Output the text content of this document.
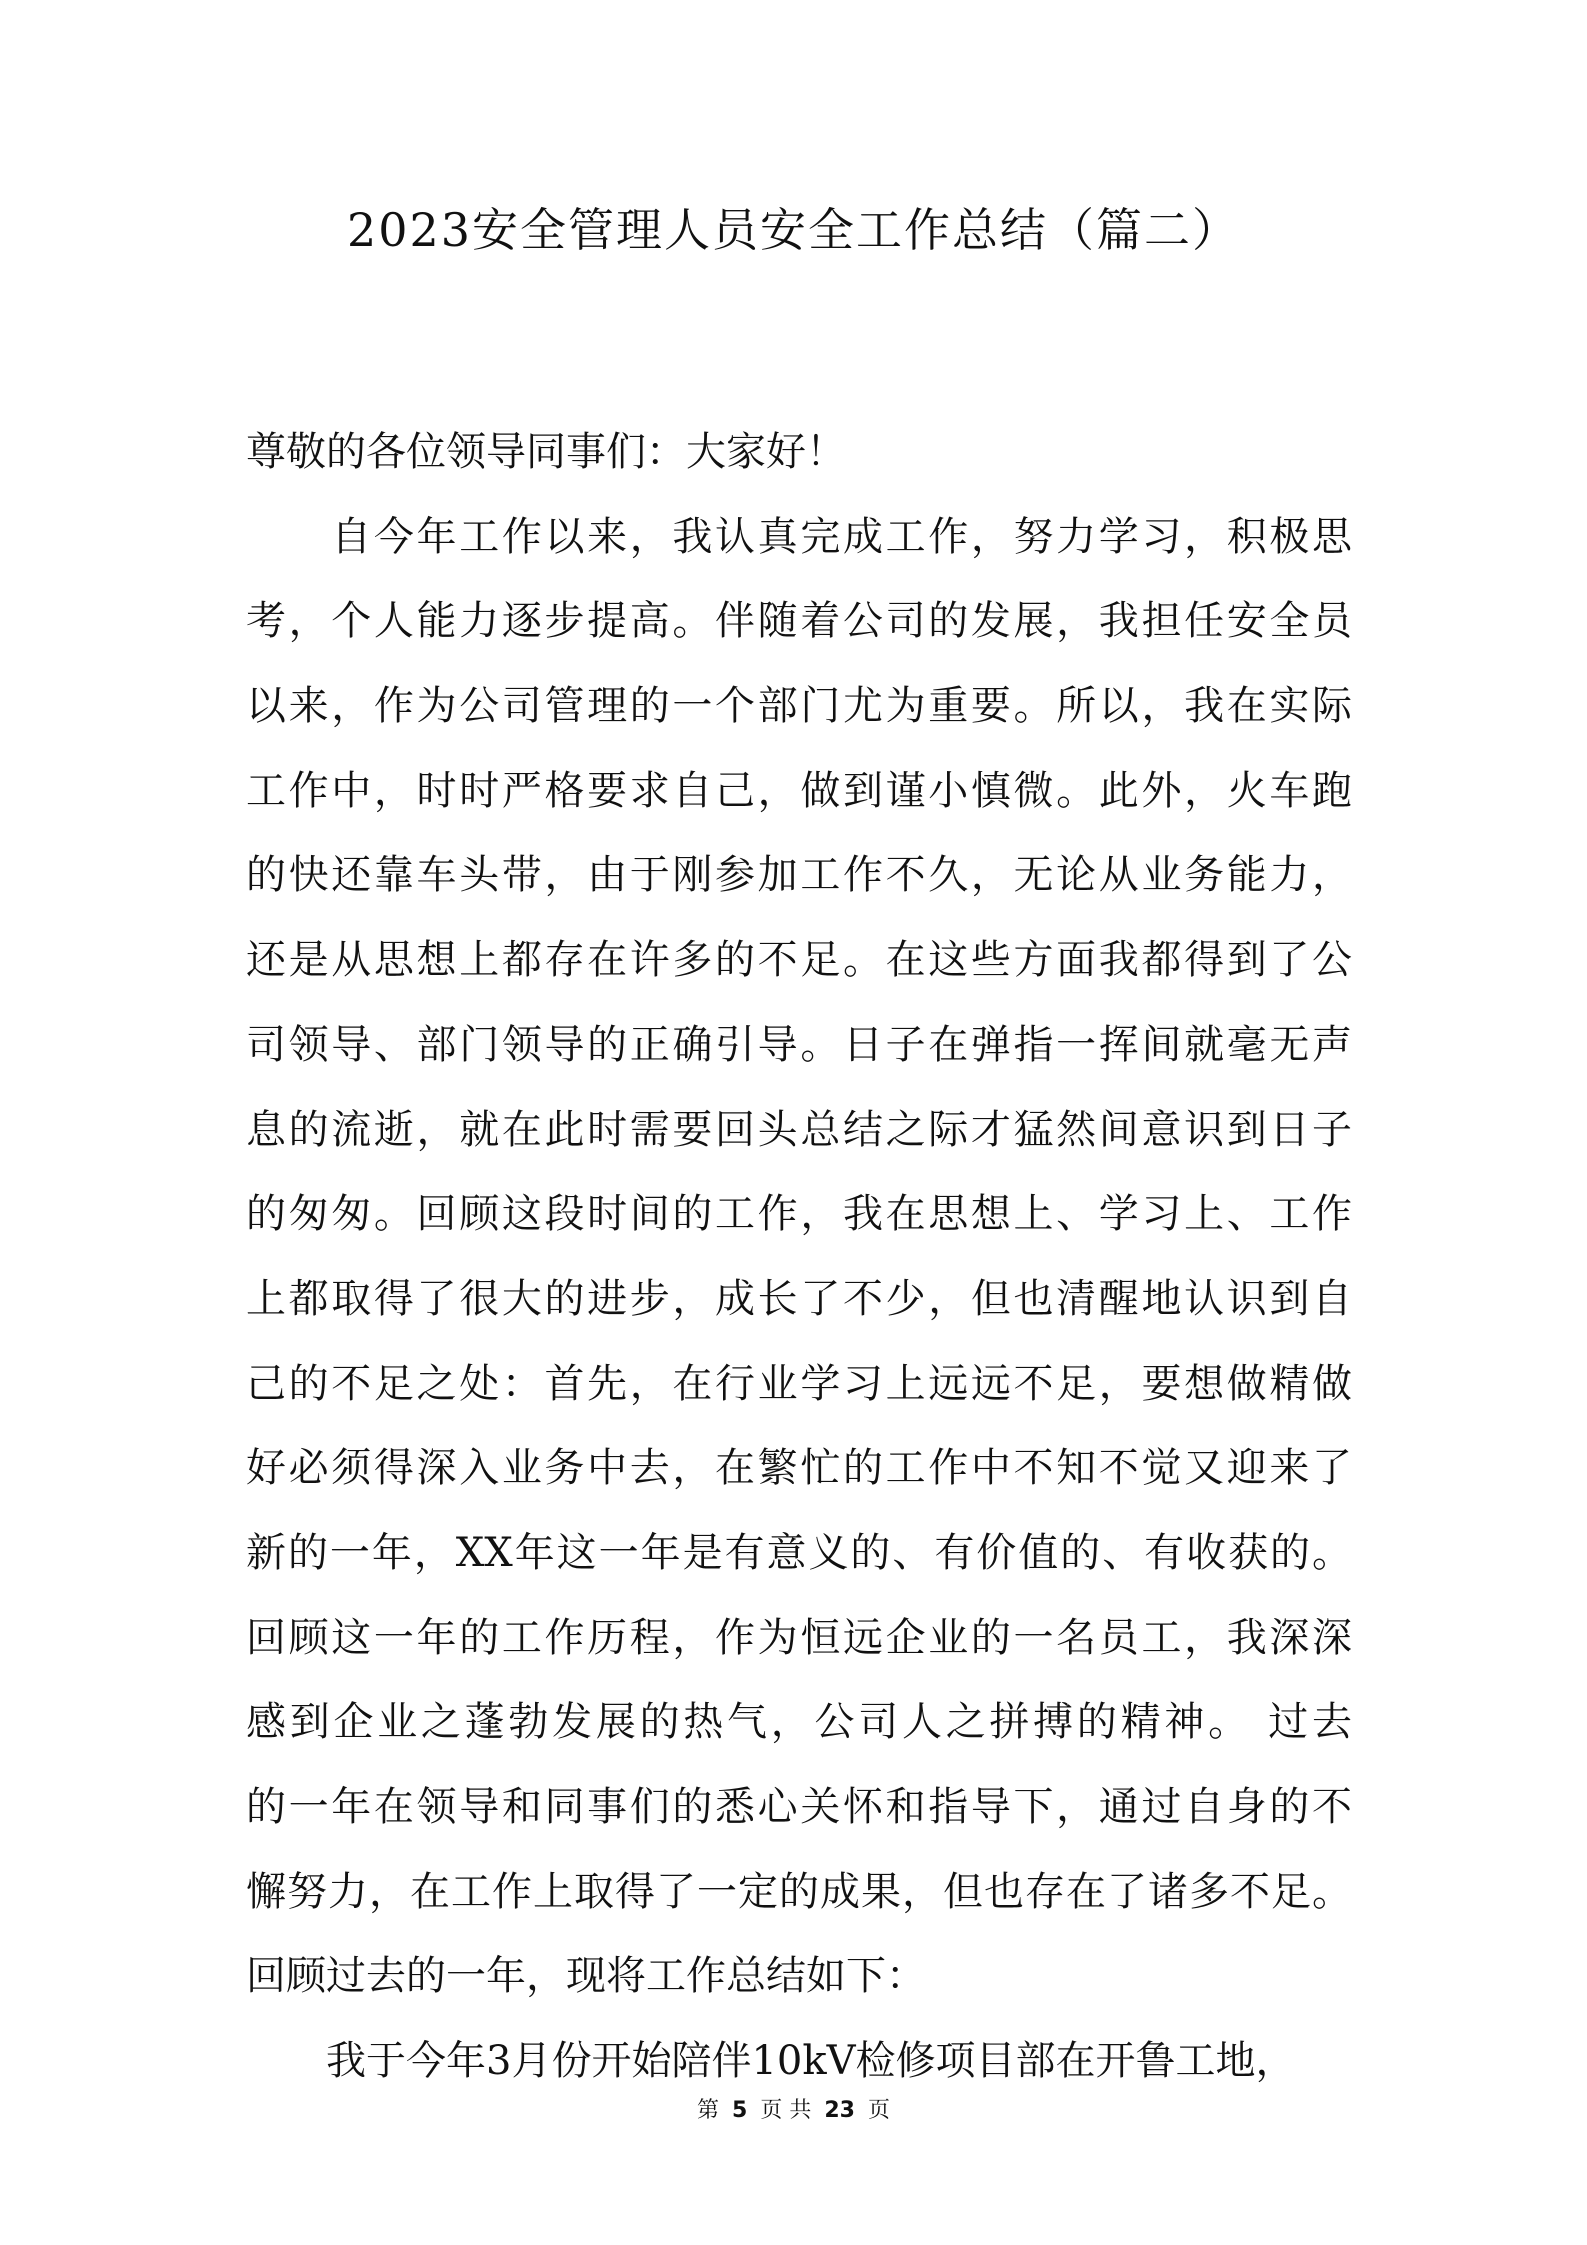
2023安全管理人员安全工作总结（篇二）
尊敬的各位领导同事们：大家好！
　　自今年工作以来，我认真完成工作，努力学习，积极思
考，个人能力逐步提高。伴随着公司的发展，我担任安全员
以来，作为公司管理的一个部门尤为重要。所以，我在实际
工作中，时时严格要求自己，做到谨小慎微。此外，火车跑
的快还靠车头带，由于刚参加工作不久，无论从业务能力，
还是从思想上都存在许多的不足。在这些方面我都得到了公
司领导、部门领导的正确引导。日子在弹指一挥间就毫无声
息的流逝，就在此时需要回头总结之际才猛然间意识到日子
的匆匆。回顾这段时间的工作，我在思想上、学习上、工作
上都取得了很大的进步，成长了不少，但也清醒地认识到自
己的不足之处：首先，在行业学习上远远不足，要想做精做
好必须得深入业务中去，在繁忙的工作中不知不觉又迎来了
新的一年，XX年这一年是有意义的、有价值的、有收获的。
回顾这一年的工作历程，作为恒远企业的一名员工，我深深
感到企业之蓬勃发展的热气，公司人之拼搏的精神。 过去
的一年在领导和同事们的悉心关怀和指导下，通过自身的不
懈努力，在工作上取得了一定的成果，但也存在了诸多不足。
回顾过去的一年，现将工作总结如下：
　　我于今年3月份开始陪伴10kV检修项目部在开鲁工地，
第 5 页 共 23 页
